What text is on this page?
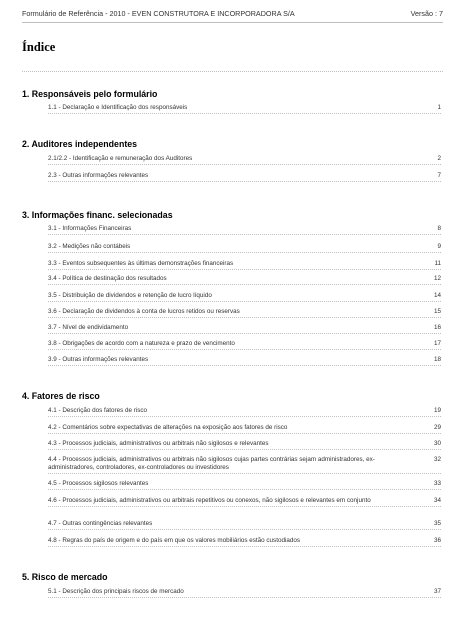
Formulário de Referência - 2010 - EVEN CONSTRUTORA E INCORPORADORA S/A	Versão : 7
Índice
1. Responsáveis pelo formulário
1.1 - Declaração e Identificação dos responsáveis	1
2. Auditores independentes
2.1/2.2 - Identificação e remuneração dos Auditores	2
2.3 - Outras informações relevantes	7
3. Informações financ. selecionadas
3.1 - Informações Financeiras	8
3.2 - Medições não contábeis	9
3.3 - Eventos subsequentes às últimas demonstrações financeiras	11
3.4 - Política de destinação dos resultados	12
3.5 - Distribuição de dividendos e retenção de lucro líquido	14
3.6 - Declaração de dividendos à conta de lucros retidos ou reservas	15
3.7 - Nível de endividamento	16
3.8 - Obrigações de acordo com a natureza e prazo de vencimento	17
3.9 - Outras informações relevantes	18
4. Fatores de risco
4.1 - Descrição dos fatores de risco	19
4.2 - Comentários sobre expectativas de alterações na exposição aos fatores de risco	29
4.3 - Processos judiciais, administrativos ou arbitrais não sigilosos e relevantes	30
4.4 - Processos judiciais, administrativos ou arbitrais não sigilosos cujas partes contrárias sejam administradores, ex-administradores, controladores, ex-controladores ou investidores
32
4.5 - Processos sigilosos relevantes	33
4.6 - Processos judiciais, administrativos ou arbitrais repetitivos ou conexos, não sigilosos e relevantes em conjunto	34
4.7 - Outras contingências relevantes	35
4.8 - Regras do país de origem e do país em que os valores mobiliários estão custodiados	36
5. Risco de mercado
5.1 - Descrição dos principais riscos de mercado	37
